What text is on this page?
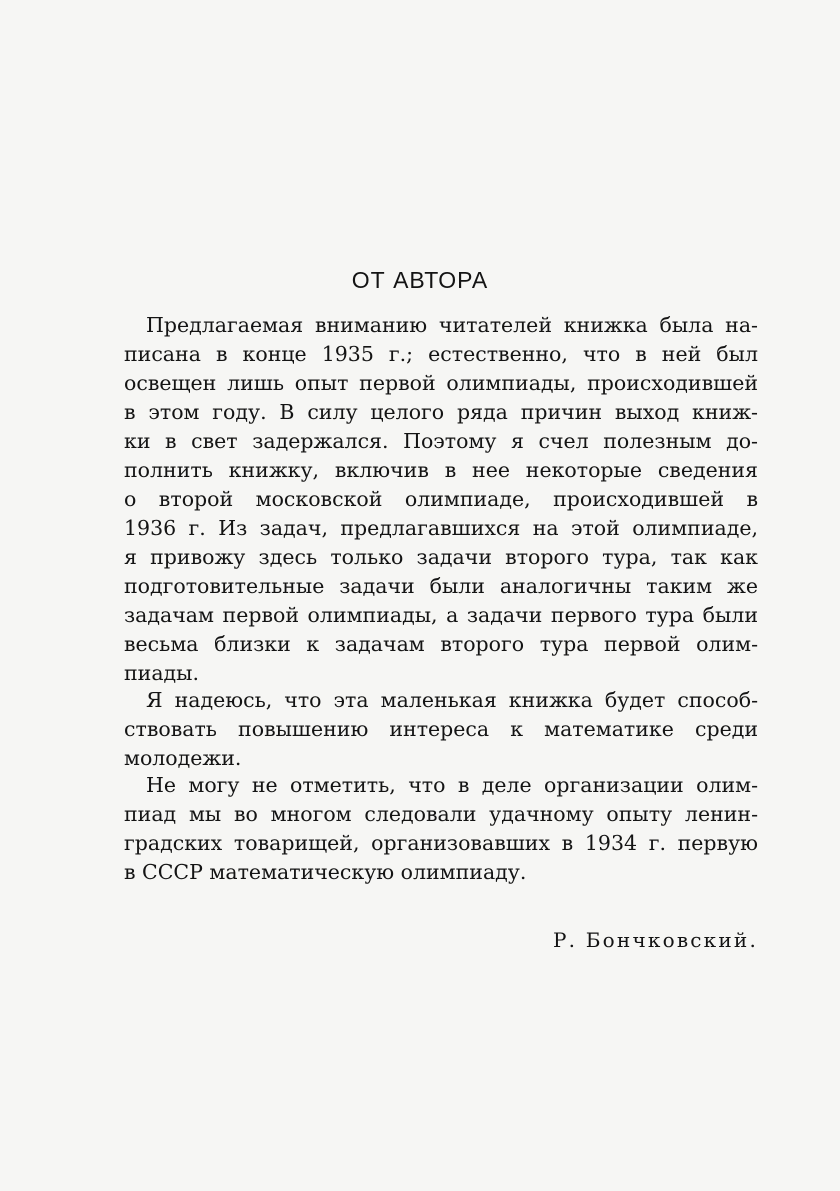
ОТ АВТОРА
Предлагаемая вниманию читателей книжка была на-
писана в конце 1935 г.; естественно, что в ней был
освещен лишь опыт первой олимпиады, происходившей
в этом году. В силу целого ряда причин выход книж-
ки в свет задержался. Поэтому я счел полезным до-
полнить книжку, включив в нее некоторые сведения
о второй московской олимпиаде, происходившей в
1936 г. Из задач, предлагавшихся на этой олимпиаде,
я привожу здесь только задачи второго тура, так как
подготовительные задачи были аналогичны таким же
задачам первой олимпиады, а задачи первого тура были
весьма близки к задачам второго тура первой олим-
пиады.
Я надеюсь, что эта маленькая книжка будет способ-
ствовать повышению интереса к математике среди
молодежи.
Не могу не отметить, что в деле организации олим-
пиад мы во многом следовали удачному опыту ленин-
градских товарищей, организовавших в 1934 г. первую
в СССР математическую олимпиаду.
Р. Бончковский.
